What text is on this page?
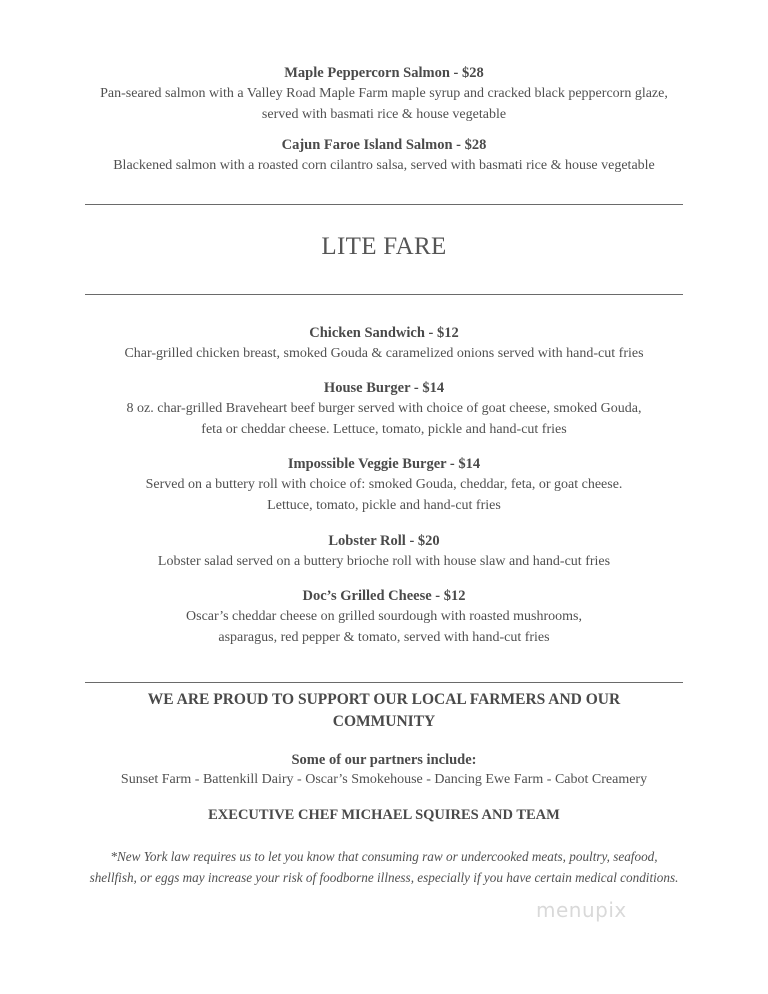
Maple Peppercorn Salmon - $28
Pan-seared salmon with a Valley Road Maple Farm maple syrup and cracked black peppercorn glaze,
served with basmati rice & house vegetable
Cajun Faroe Island Salmon - $28
Blackened salmon with a roasted corn cilantro salsa, served with basmati rice & house vegetable
LITE FARE
Chicken Sandwich - $12
Char-grilled chicken breast, smoked Gouda & caramelized onions served with hand-cut fries
House Burger - $14
8 oz. char-grilled Braveheart beef burger served with choice of goat cheese, smoked Gouda,
feta or cheddar cheese. Lettuce, tomato, pickle and hand-cut fries
Impossible Veggie Burger - $14
Served on a buttery roll with choice of: smoked Gouda, cheddar, feta, or goat cheese.
Lettuce, tomato, pickle and hand-cut fries
Lobster Roll - $20
Lobster salad served on a buttery brioche roll with house slaw and hand-cut fries
Doc’s Grilled Cheese - $12
Oscar’s cheddar cheese on grilled sourdough with roasted mushrooms,
asparagus, red pepper & tomato, served with hand-cut fries
WE ARE PROUD TO SUPPORT OUR LOCAL FARMERS AND OUR
COMMUNITY
Some of our partners include:
Sunset Farm - Battenkill Dairy - Oscar’s Smokehouse - Dancing Ewe Farm - Cabot Creamery
EXECUTIVE CHEF MICHAEL SQUIRES AND TEAM
*New York law requires us to let you know that consuming raw or undercooked meats, poultry, seafood,
shellfish, or eggs may increase your risk of foodborne illness, especially if you have certain medical conditions.
menupix
